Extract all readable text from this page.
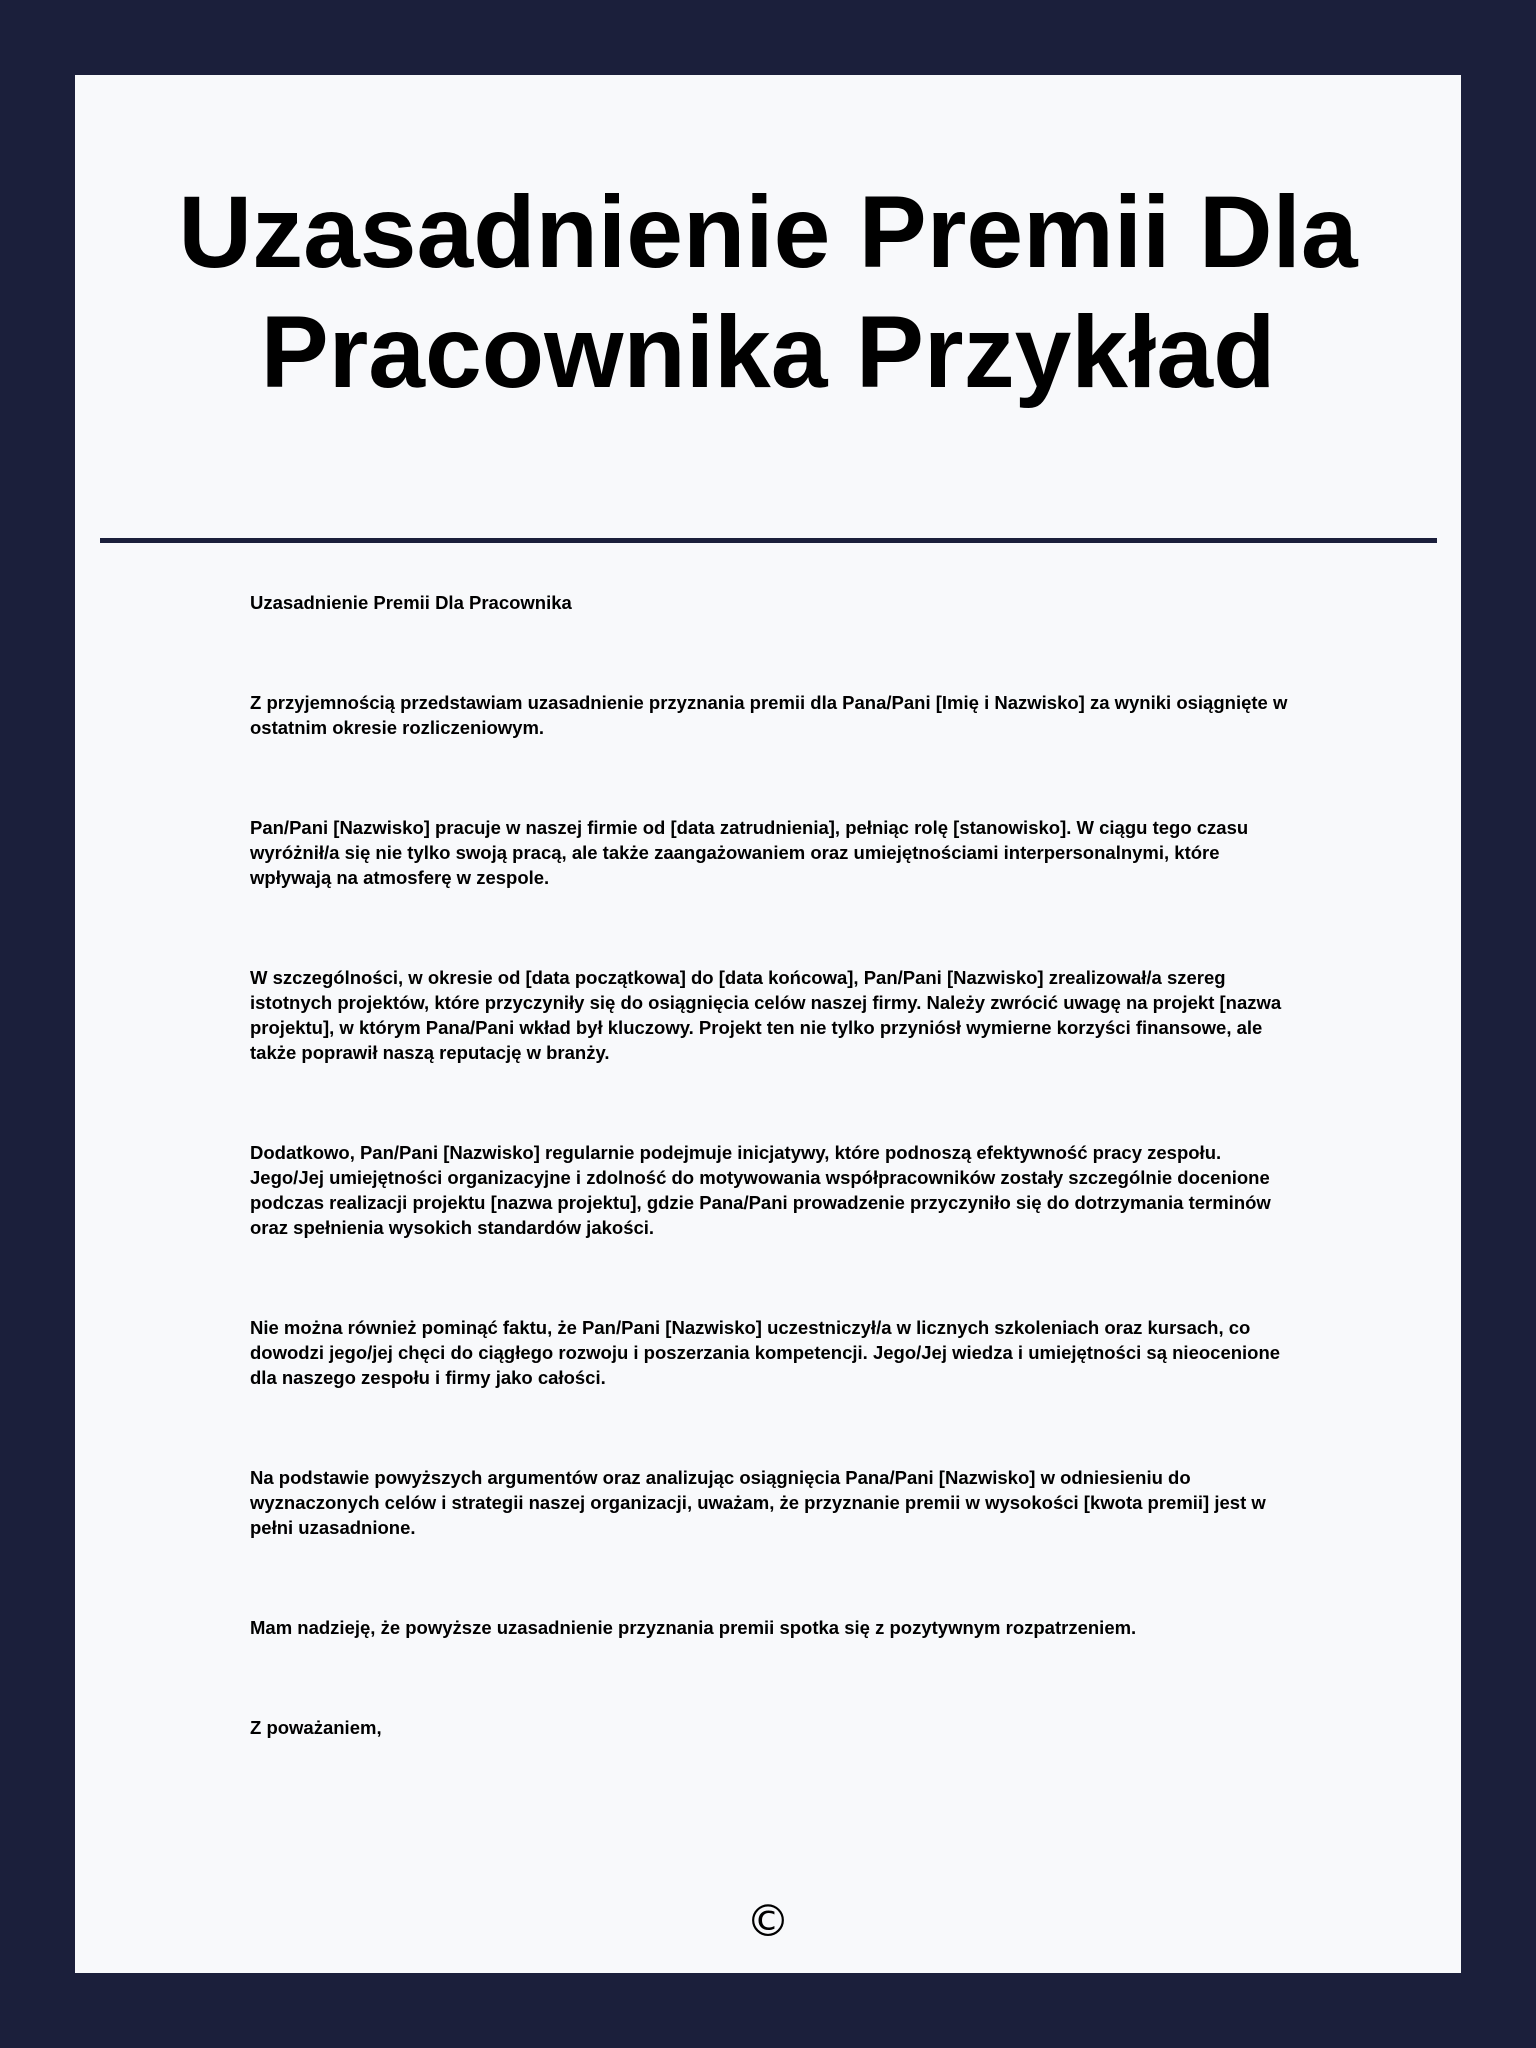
Uzasadnienie Premii Dla Pracownika Przykład

Uzasadnienie Premii Dla Pracownika

Z przyjemnością przedstawiam uzasadnienie przyznania premii dla Pana/Pani [Imię i Nazwisko] za wyniki osiągnięte w ostatnim okresie rozliczeniowym.

Pan/Pani [Nazwisko] pracuje w naszej firmie od [data zatrudnienia], pełniąc rolę [stanowisko]. W ciągu tego czasu wyróżnił/a się nie tylko swoją pracą, ale także zaangażowaniem oraz umiejętnościami interpersonalnymi, które wpływają na atmosferę w zespole.

W szczególności, w okresie od [data początkowa] do [data końcowa], Pan/Pani [Nazwisko] zrealizował/a szereg istotnych projektów, które przyczyniły się do osiągnięcia celów naszej firmy. Należy zwrócić uwagę na projekt [nazwa projektu], w którym Pana/Pani wkład był kluczowy. Projekt ten nie tylko przyniósł wymierne korzyści finansowe, ale także poprawił naszą reputację w branży.

Dodatkowo, Pan/Pani [Nazwisko] regularnie podejmuje inicjatywy, które podnoszą efektywność pracy zespołu. Jego/Jej umiejętności organizacyjne i zdolność do motywowania współpracowników zostały szczególnie docenione podczas realizacji projektu [nazwa projektu], gdzie Pana/Pani prowadzenie przyczyniło się do dotrzymania terminów oraz spełnienia wysokich standardów jakości.

Nie można również pominąć faktu, że Pan/Pani [Nazwisko] uczestniczył/a w licznych szkoleniach oraz kursach, co dowodzi jego/jej chęci do ciągłego rozwoju i poszerzania kompetencji. Jego/Jej wiedza i umiejętności są nieocenione dla naszego zespołu i firmy jako całości.

Na podstawie powyższych argumentów oraz analizując osiągnięcia Pana/Pani [Nazwisko] w odniesieniu do wyznaczonych celów i strategii naszej organizacji, uważam, że przyznanie premii w wysokości [kwota premii] jest w pełni uzasadnione.

Mam nadzieję, że powyższe uzasadnienie przyznania premii spotka się z pozytywnym rozpatrzeniem.

Z poważaniem,

©
